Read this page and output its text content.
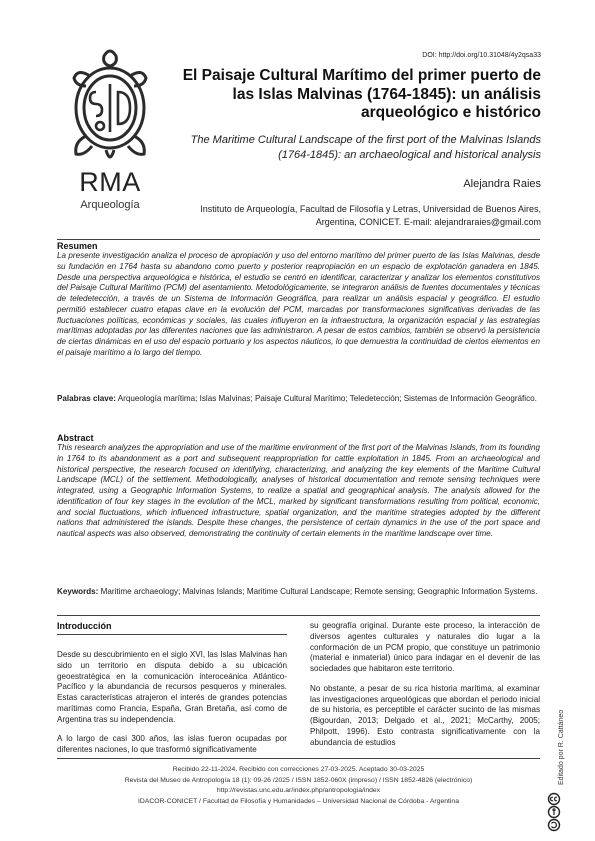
DOI: http://doi.org/10.31048/4y2qsa33
RMA
Arqueología
El Paisaje Cultural Marítimo del primer puerto de las Islas Malvinas (1764-1845): un análisis arqueológico e histórico
The Maritime Cultural Landscape of the first port of the Malvinas Islands (1764-1845): an archaeological and historical analysis
Alejandra Raies
Instituto de Arqueología, Facultad de Filosofía y Letras, Universidad de Buenos Aires, Argentina, CONICET. E-mail: alejandraraies@gmail.com
Resumen
La presente investigación analiza el proceso de apropiación y uso del entorno marítimo del primer puerto de las Islas Malvinas, desde su fundación en 1764 hasta su abandono como puerto y posterior reapropiación en un espacio de explotación ganadera en 1845. Desde una perspectiva arqueológica e histórica, el estudio se centró en identificar, caracterizar y analizar los elementos constitutivos del Paisaje Cultural Marítimo (PCM) del asentamiento. Metodológicamente, se integraron análisis de fuentes documentales y técnicas de teledetección, a través de un Sistema de Información Geográfica, para realizar un análisis espacial y geográfico. El estudio permitió establecer cuatro etapas clave en la evolución del PCM, marcadas por transformaciones significativas derivadas de las fluctuaciones políticas, económicas y sociales, las cuales influyeron en la infraestructura, la organización espacial y las estrategias marítimas adoptadas por las diferentes naciones que las administraron. A pesar de estos cambios, también se observó la persistencia de ciertas dinámicas en el uso del espacio portuario y los aspectos náuticos, lo que demuestra la continuidad de ciertos elementos en el paisaje marítimo a lo largo del tiempo.
Palabras clave: Arqueología marítima; Islas Malvinas; Paisaje Cultural Marítimo; Teledetección; Sistemas de Información Geográfico.
Abstract
This research analyzes the appropriation and use of the maritime environment of the first port of the Malvinas Islands, from its founding in 1764 to its abandonment as a port and subsequent reappropriation for cattle exploitation in 1845. From an archaeological and historical perspective, the research focused on identifying, characterizing, and analyzing the key elements of the Maritime Cultural Landscape (MCL) of the settlement. Methodologically, analyses of historical documentation and remote sensing techniques were integrated, using a Geographic Information Systems, to realize a spatial and geographical analysis. The analysis allowed for the identification of four key stages in the evolution of the MCL, marked by significant transformations resulting from political, economic, and social fluctuations, which influenced infrastructure, spatial organization, and the maritime strategies adopted by the different nations that administered the islands. Despite these changes, the persistence of certain dynamics in the use of the port space and nautical aspects was also observed, demonstrating the continuity of certain elements in the maritime landscape over time.
Keywords: Maritime archaeology; Malvinas Islands; Maritime Cultural Landscape; Remote sensing; Geographic Information Systems.
Introducción

Desde su descubrimiento en el siglo XVI, las Islas Malvinas han sido un territorio en disputa debido a su ubicación geoestratégica en la comunicación interoceánica Atlántico-Pacífico y la abundancia de recursos pesqueros y minerales. Estas características atrajeron el interés de grandes potencias marítimas como Francia, España, Gran Bretaña, así como de Argentina tras su independencia.

A lo largo de casi 300 años, las islas fueron ocupadas por diferentes naciones, lo que trasformó significativamente

su geografía original. Durante este proceso, la interacción de diversos agentes culturales y naturales dio lugar a la conformación de un PCM propio, que constituye un patrimonio (material e inmaterial) único para indagar en el devenir de las sociedades que habitaron este territorio.

No obstante, a pesar de su rica historia marítima, al examinar las investigaciones arqueológicas que abordan el periodo inicial de su historia, es perceptible el carácter sucinto de las mismas (Bigourdan, 2013; Delgado et al., 2021; McCarthy, 2005; Philpott, 1996). Esto contrasta significativamente con la abundancia de estudios	Editado por R. Cattáneo
Recibido 22-11-2024. Recibido con correcciones 27-03-2025. Aceptado 30-03-2025
Revista del Museo de Antropología 18 (1): 09-26 /2025 / ISSN 1852-060X (impreso) / ISSN 1852-4826 (electrónico)
http://revistas.unc.edu.ar/index.php/antropologia/index
IDACOR-CONICET / Facultad de Filosofía y Humanidades – Universidad Nacional de Córdoba - Argentina
